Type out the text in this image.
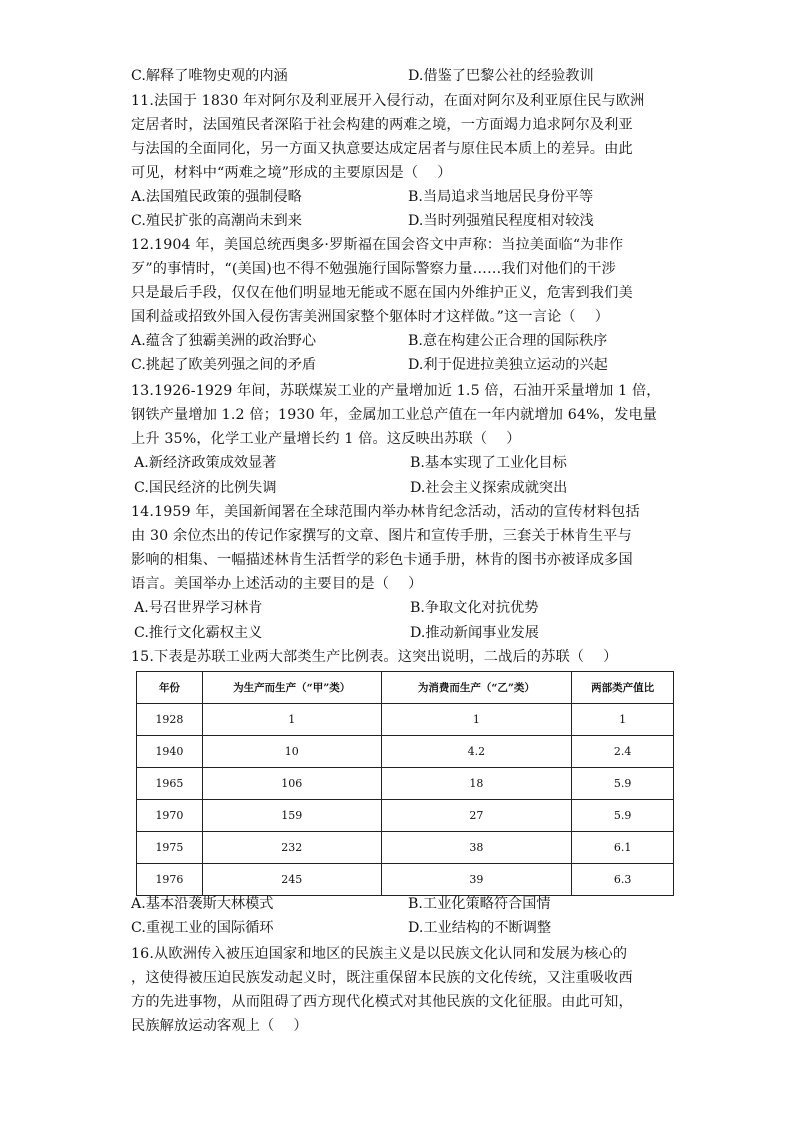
C.解释了唯物史观的内涵	D.借鉴了巴黎公社的经验教训
11.法国于 1830 年对阿尔及利亚展开入侵行动，在面对阿尔及利亚原住民与欧洲
定居者时，法国殖民者深陷于社会构建的两难之境，一方面竭力追求阿尔及利亚
与法国的全面同化，另一方面又执意要达成定居者与原住民本质上的差异。由此
可见，材料中“两难之境”形成的主要原因是（　 ）
A.法国殖民政策的强制侵略	B.当局追求当地居民身份平等
C.殖民扩张的高潮尚未到来	D.当时列强殖民程度相对较浅
12.1904 年，美国总统西奥多·罗斯福在国会咨文中声称：当拉美面临“为非作
歹”的事情时，“(美国)也不得不勉强施行国际警察力量……我们对他们的干涉
只是最后手段，仅仅在他们明显地无能或不愿在国内外维护正义，危害到我们美
国利益或招致外国入侵伤害美洲国家整个躯体时才这样做。”这一言论（　 ）
A.蕴含了独霸美洲的政治野心	B.意在构建公正合理的国际秩序
C.挑起了欧美列强之间的矛盾	D.利于促进拉美独立运动的兴起
13.1926-1929 年间，苏联煤炭工业的产量增加近 1.5 倍，石油开采量增加 1 倍，
钢铁产量增加 1.2 倍；1930 年，金属加工业总产值在一年内就增加 64%，发电量
上升 35%，化学工业产量增长约 1 倍。这反映出苏联（　 ）
A.新经济政策成效显著	B.基本实现了工业化目标
C.国民经济的比例失调	D.社会主义探索成就突出
14.1959 年，美国新闻署在全球范围内举办林肯纪念活动，活动的宣传材料包括
由 30 余位杰出的传记作家撰写的文章、图片和宣传手册，三套关于林肯生平与
影响的相集、一幅描述林肯生活哲学的彩色卡通手册，林肯的图书亦被译成多国
语言。美国举办上述活动的主要目的是（　 ）
A.号召世界学习林肯	B.争取文化对抗优势
C.推行文化霸权主义	D.推动新闻事业发展
15.下表是苏联工业两大部类生产比例表。这突出说明，二战后的苏联（　 ）
年份	为生产而生产（“甲”类）	为消费而生产（“乙”类）	两部类产值比
1928	1	1	1
1940	10	4.2	2.4
1965	106	18	5.9
1970	159	27	5.9
1975	232	38	6.1
1976	245	39	6.3
A.基本沿袭斯大林模式	B.工业化策略符合国情
C.重视工业的国际循环	D.工业结构的不断调整
16.从欧洲传入被压迫国家和地区的民族主义是以民族文化认同和发展为核心的
，这使得被压迫民族发动起义时，既注重保留本民族的文化传统，又注重吸收西
方的先进事物，从而阻碍了西方现代化模式对其他民族的文化征服。由此可知，
民族解放运动客观上（　 ）
